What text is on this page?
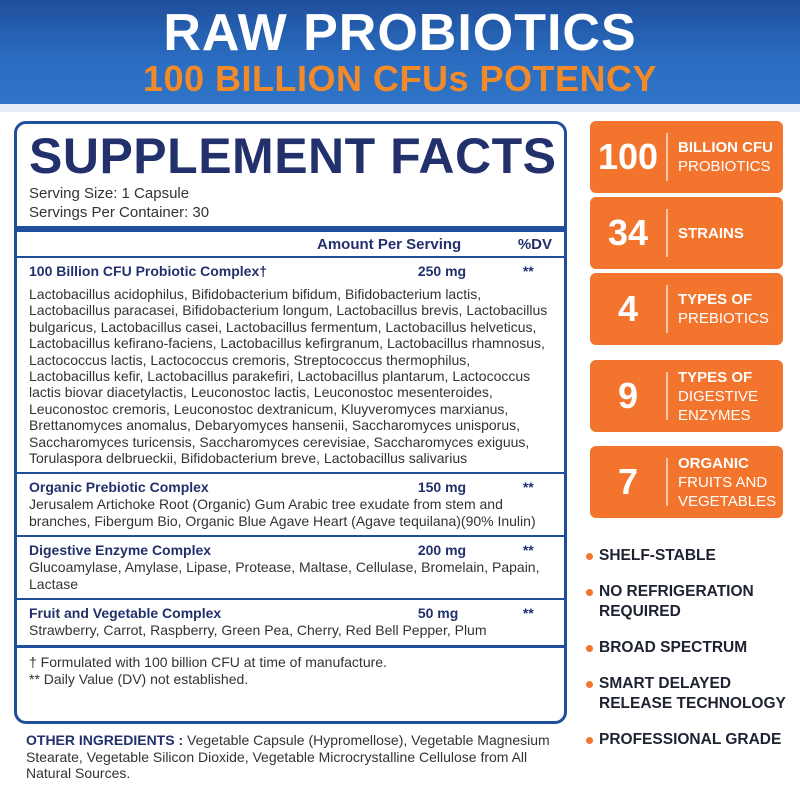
RAW PROBIOTICS
100 BILLION CFUs POTENCY
SUPPLEMENT FACTS
Serving Size: 1 Capsule
Servings Per Container: 30
Amount Per Serving	%DV
100 Billion CFU Probiotic Complex†	250 mg	**
Lactobacillus acidophilus, Bifidobacterium bifidum, Bifidobacterium lactis, Lactobacillus paracasei, Bifidobacterium longum, Lactobacillus brevis, Lactobacillus bulgaricus, Lactobacillus casei, Lactobacillus fermentum, Lactobacillus helveticus, Lactobacillus kefirano-faciens, Lactobacillus kefirgranum, Lactobacillus rhamnosus, Lactococcus lactis, Lactococcus cremoris, Streptococcus thermophilus, Lactobacillus kefir, Lactobacillus parakefiri, Lactobacillus plantarum, Lactococcus lactis biovar diacetylactis, Leuconostoc lactis, Leuconostoc mesenteroides, Leuconostoc cremoris, Leuconostoc dextranicum, Kluyveromyces marxianus, Brettanomyces anomalus, Debaryomyces hansenii, Saccharomyces unisporus, Saccharomyces turicensis, Saccharomyces cerevisiae, Saccharomyces exiguus, Torulaspora delbrueckii, Bifidobacterium breve, Lactobacillus salivarius
Organic Prebiotic Complex	150 mg	**
Jerusalem Artichoke Root (Organic) Gum Arabic tree exudate from stem and branches, Fibergum Bio, Organic Blue Agave Heart (Agave tequilana)(90% Inulin)
Digestive Enzyme Complex	200 mg	**
Glucoamylase, Amylase, Lipase, Protease, Maltase, Cellulase, Bromelain, Papain, Lactase
Fruit and Vegetable Complex	50 mg	**
Strawberry, Carrot, Raspberry, Green Pea, Cherry, Red Bell Pepper, Plum
† Formulated with 100 billion CFU at time of manufacture.
** Daily Value (DV) not established.
OTHER INGREDIENTS : Vegetable Capsule (Hypromellose), Vegetable Magnesium Stearate, Vegetable Silicon Dioxide, Vegetable Microcrystalline Cellulose from All Natural Sources.
100	BILLION CFU
PROBIOTICS
34	STRAINS
4	TYPES OF
PREBIOTICS
9	TYPES OF
DIGESTIVE ENZYMES
7	ORGANIC
FRUITS AND VEGETABLES
SHELF-STABLE
NO REFRIGERATION REQUIRED
BROAD SPECTRUM
SMART DELAYED RELEASE TECHNOLOGY
PROFESSIONAL GRADE
